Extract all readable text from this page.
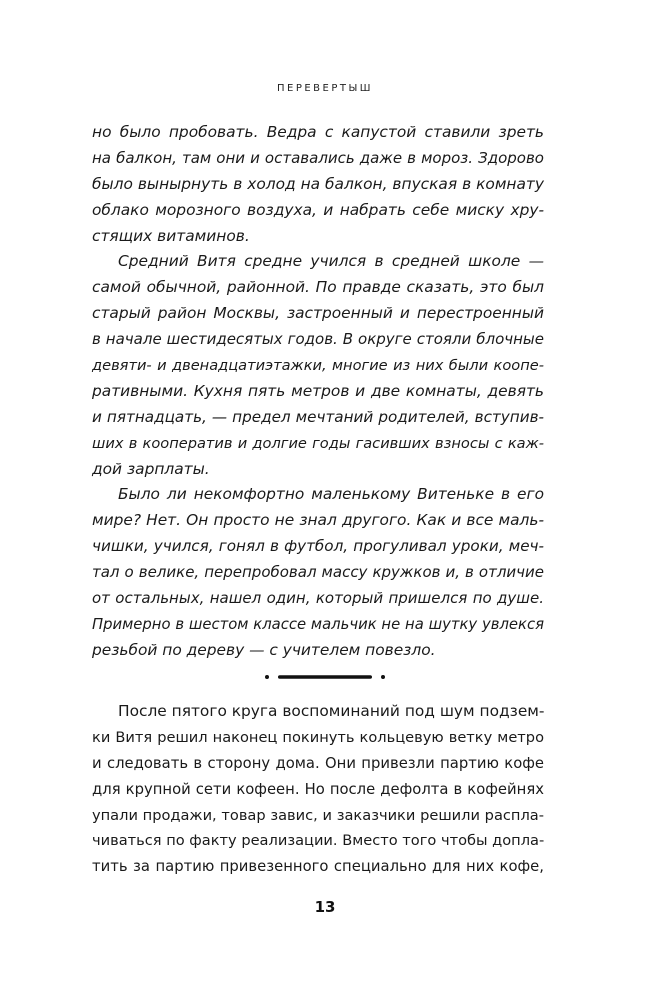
ПЕРЕВЕРТЫШ
но было пробовать. Ведра с капустой ставили зреть
на балкон, там они и оставались даже в мороз. Здорово
было вынырнуть в холод на балкон, впуская в комнату
облако морозного воздуха, и набрать себе миску хру-
стящих витаминов.
Средний Витя средне учился в средней школе —
самой обычной, районной. По правде сказать, это был
старый район Москвы, застроенный и перестроенный
в начале шестидесятых годов. В округе стояли блочные
девяти- и двенадцатиэтажки, многие из них были коопе-
ративными. Кухня пять метров и две комнаты, девять
и пятнадцать, — предел мечтаний родителей, вступив-
ших в кооператив и долгие годы гасивших взносы с каж-
дой зарплаты.
Было ли некомфортно маленькому Витеньке в его
мире? Нет. Он просто не знал другого. Как и все маль-
чишки, учился, гонял в футбол, прогуливал уроки, меч-
тал о велике, перепробовал массу кружков и, в отличие
от остальных, нашел один, который пришелся по душе.
Примерно в шестом классе мальчик не на шутку увлекся
резьбой по дереву — с учителем повезло.
После пятого круга воспоминаний под шум подзем-
ки Витя решил наконец покинуть кольцевую ветку метро
и следовать в сторону дома. Они привезли партию кофе
для крупной сети кофеен. Но после дефолта в кофейнях
упали продажи, товар завис, и заказчики решили распла-
чиваться по факту реализации. Вместо того чтобы допла-
тить за партию привезенного специально для них кофе,
13
